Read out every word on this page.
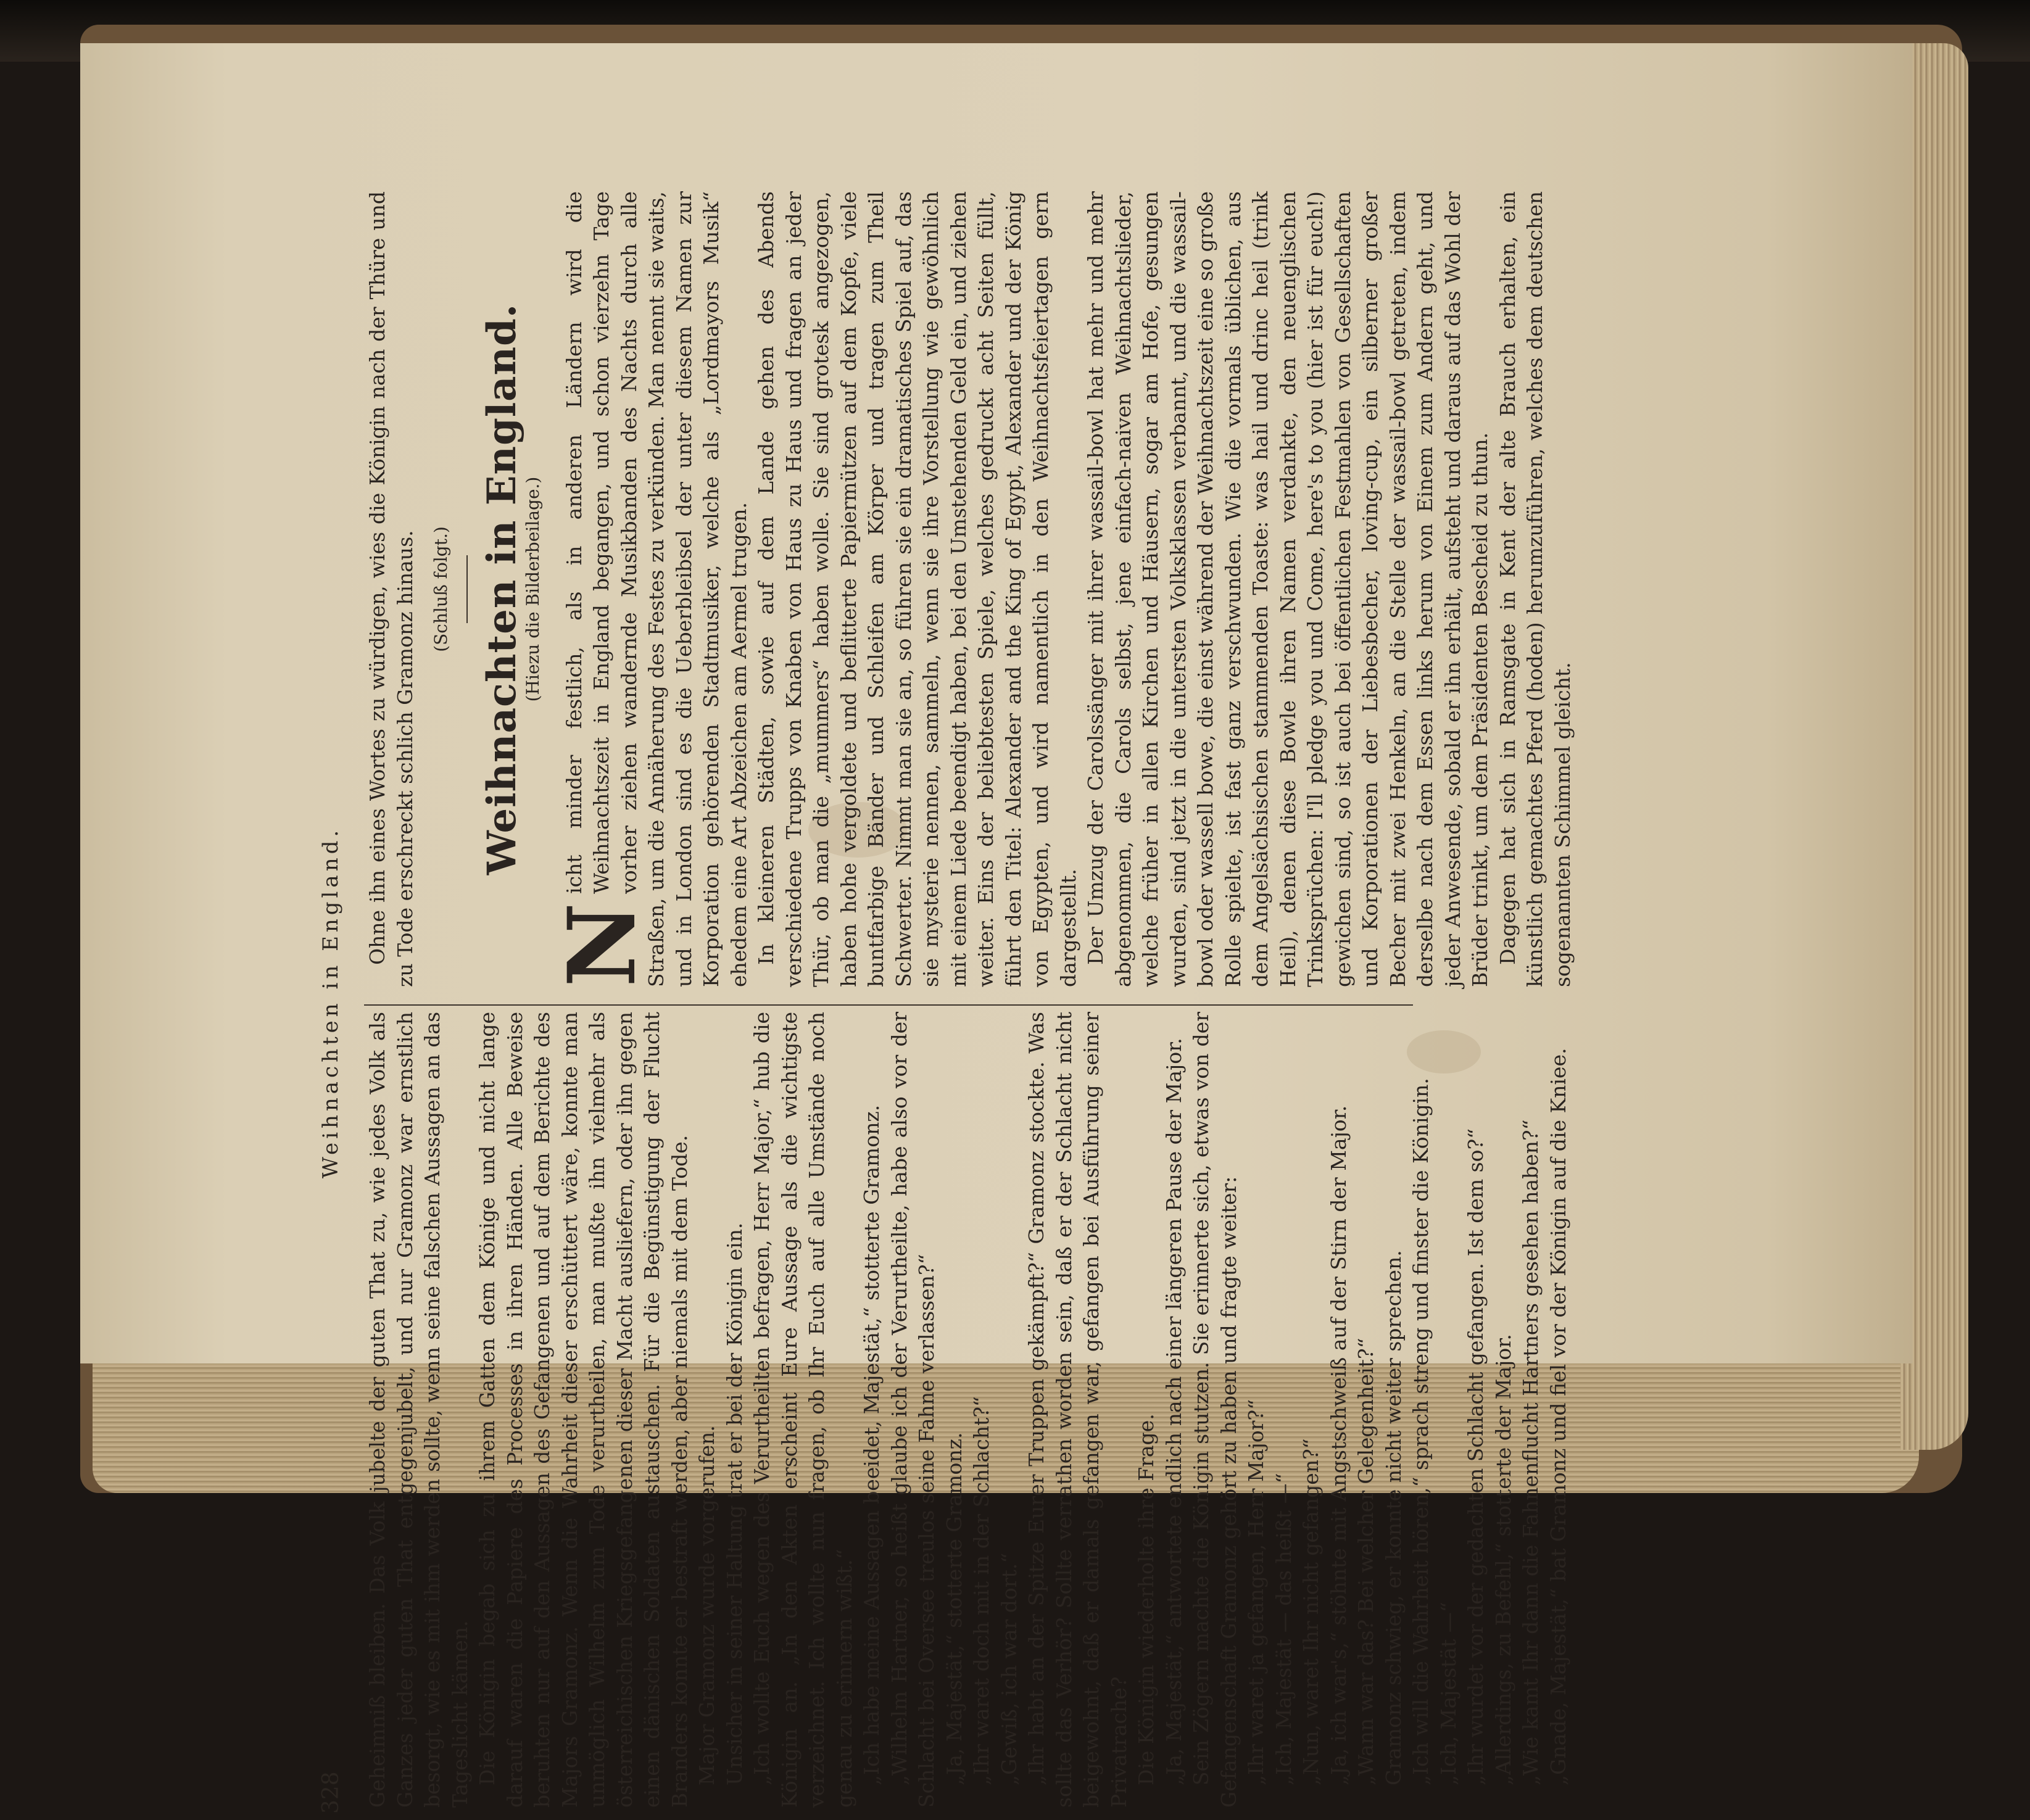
328
Weihnachten in England.

Geheimniß bleiben. Das Volk jubelte der guten That zu, wie jedes Volk als Ganzes jeder guten That entgegenjubelt, und nur Gramonz war ernstlich besorgt, wie es mit ihm werden sollte, wenn seine falschen Aussagen an das Tageslicht kämen. Die Königin begab sich zu ihrem Gatten dem Könige und nicht lange darauf waren die Papiere des Processes in ihren Händen. Alle Beweise beruhten nur auf den Aussagen des Gefangenen und auf dem Berichte des Majors Gramonz. Wenn die Wahrheit dieser erschüttert wäre, konnte man unmöglich Wilhelm zum Tode verurtheilen, man mußte ihn vielmehr als österreichischen Kriegsgefangenen dieser Macht ausliefern, oder ihn gegen einen dänischen Soldaten austauschen. Für die Begünstigung der Flucht Branders konnte er bestraft werden, aber niemals mit dem Tode. Major Gramonz wurde vorgerufen. Unsicher in seiner Haltung trat er bei der Königin ein. „Ich wollte Euch wegen des Verurtheilten befragen, Herr Major,“ hub die Königin an. „In den Akten erscheint Eure Aussage als die wichtigste verzeichnet. Ich wollte nun fragen, ob Ihr Euch auf alle Umstände noch genau zu erinnern wißt.“ „Ich habe meine Aussagen beeidet, Majestät,“ stotterte Gramonz. „Wilhelm Hartner, so heißt glaube ich der Verurtheilte, habe also vor der Schlacht bei Oversee treulos seine Fahne verlassen?“ „Ja, Majestät,“ stotterte Gramonz. „Ihr waret doch mit in der Schlacht?“ „Gewiß, ich war dort.“ „Ihr habt an der Spitze Eurer Truppen gekämpft?“ Gramonz stockte. Was sollte das Verhör? Sollte verrathen worden sein, daß er der Schlacht nicht beigewohnt, daß er damals gefangen war, gefangen bei Ausführung seiner Privatrache? Die Königin wiederholte ihre Frage. „Ja, Majestät,“ antwortete endlich nach einer längeren Pause der Major. Sein Zögern machte die Königin stutzen. Sie erinnerte sich, etwas von der Gefangenschaft Gramonz gehört zu haben und fragte weiter: „Ihr waret ja gefangen, Herr Major?“ „Ich, Majestät — das heißt —“ „Nun, waret Ihr nicht gefangen?“ „Ja, ich war's,“ stöhnte mit Angstschweiß auf der Stirn der Major. „Wann war das? Bei welcher Gelegenheit?“ Gramonz schwieg, er konnte nicht weiter sprechen. „Ich will die Wahrheit hören,“ sprach streng und finster die Königin. „Ich, Majestät —“ „Ihr wurdet vor der gedachten Schlacht gefangen. Ist dem so?“ „Allerdings, zu Befehl,“ stotterte der Major. „Wie kamt Ihr dann die Fahnenflucht Hartners gesehen haben?“ „Gnade, Majestät,“ bat Gramonz und fiel vor der Königin auf die Kniee.

Ohne ihn eines Wortes zu würdigen, wies die Königin nach der Thüre und zu Tode erschreckt schlich Gramonz hinaus. (Schluß folgt.) Weihnachten in England.
(Hiezu die Bilderbeilage.)

N
icht minder festlich, als in anderen Ländern wird die Weihnachtszeit in England begangen, und schon vierzehn Tage vorher ziehen wandernde Musikbanden des Nachts durch alle Straßen, um die Annäherung des Festes zu verkünden. Man nennt sie waits, und in London sind es die Ueberbleibsel der unter diesem Namen zur Korporation gehörenden Stadtmusiker, welche als „Lordmayors Musik“ ehedem eine Art Abzeichen am Aermel trugen. In kleineren Städten, sowie auf dem Lande gehen des Abends verschiedene Trupps von Knaben von Haus zu Haus und fragen an jeder Thür, ob man die „mummers“ haben wolle. Sie sind grotesk angezogen, haben hohe vergoldete und beflitterte Papiermützen auf dem Kopfe, viele buntfarbige Bänder und Schleifen am Körper und tragen zum Theil Schwerter. Nimmt man sie an, so führen sie ein dramatisches Spiel auf, das sie mysterie nennen, sammeln, wenn sie ihre Vorstellung wie gewöhnlich mit einem Liede beendigt haben, bei den Umstehenden Geld ein, und ziehen weiter. Eins der beliebtesten Spiele, welches gedruckt acht Seiten füllt, führt den Titel: Alexander and the King of Egypt, Alexander und der König von Egypten, und wird namentlich in den Weihnachtsfeiertagen gern dargestellt. Der Umzug der Carolssänger mit ihrer wassail-bowl hat mehr und mehr abgenommen, die Carols selbst, jene einfach-naiven Weihnachtslieder, welche früher in allen Kirchen und Häusern, sogar am Hofe, gesungen wurden, sind jetzt in die untersten Volksklassen verbannt, und die wassail-bowl oder wassell bowe, die einst während der Weihnachtszeit eine so große Rolle spielte, ist fast ganz verschwunden. Wie die vormals üblichen, aus dem Angelsächsischen stammenden Toaste: was hail und drinc heil (trink Heil), denen diese Bowle ihren Namen verdankte, den neuenglischen Trinksprüchen: I'll pledge you und Come, here's to you (hier ist für euch!) gewichen sind, so ist auch bei öffentlichen Festmahlen von Gesellschaften und Korporationen der Liebesbecher, loving-cup, ein silberner großer Becher mit zwei Henkeln, an die Stelle der wassail-bowl getreten, indem derselbe nach dem Essen links herum von Einem zum Andern geht, und jeder Anwesende, sobald er ihn erhält, aufsteht und daraus auf das Wohl der Brüder trinkt, um dem Präsidenten Bescheid zu thun. Dagegen hat sich in Ramsgate in Kent der alte Brauch erhalten, ein künstlich gemachtes Pferd (hoden) herumzuführen, welches dem deutschen sogenannten Schimmel gleicht.
